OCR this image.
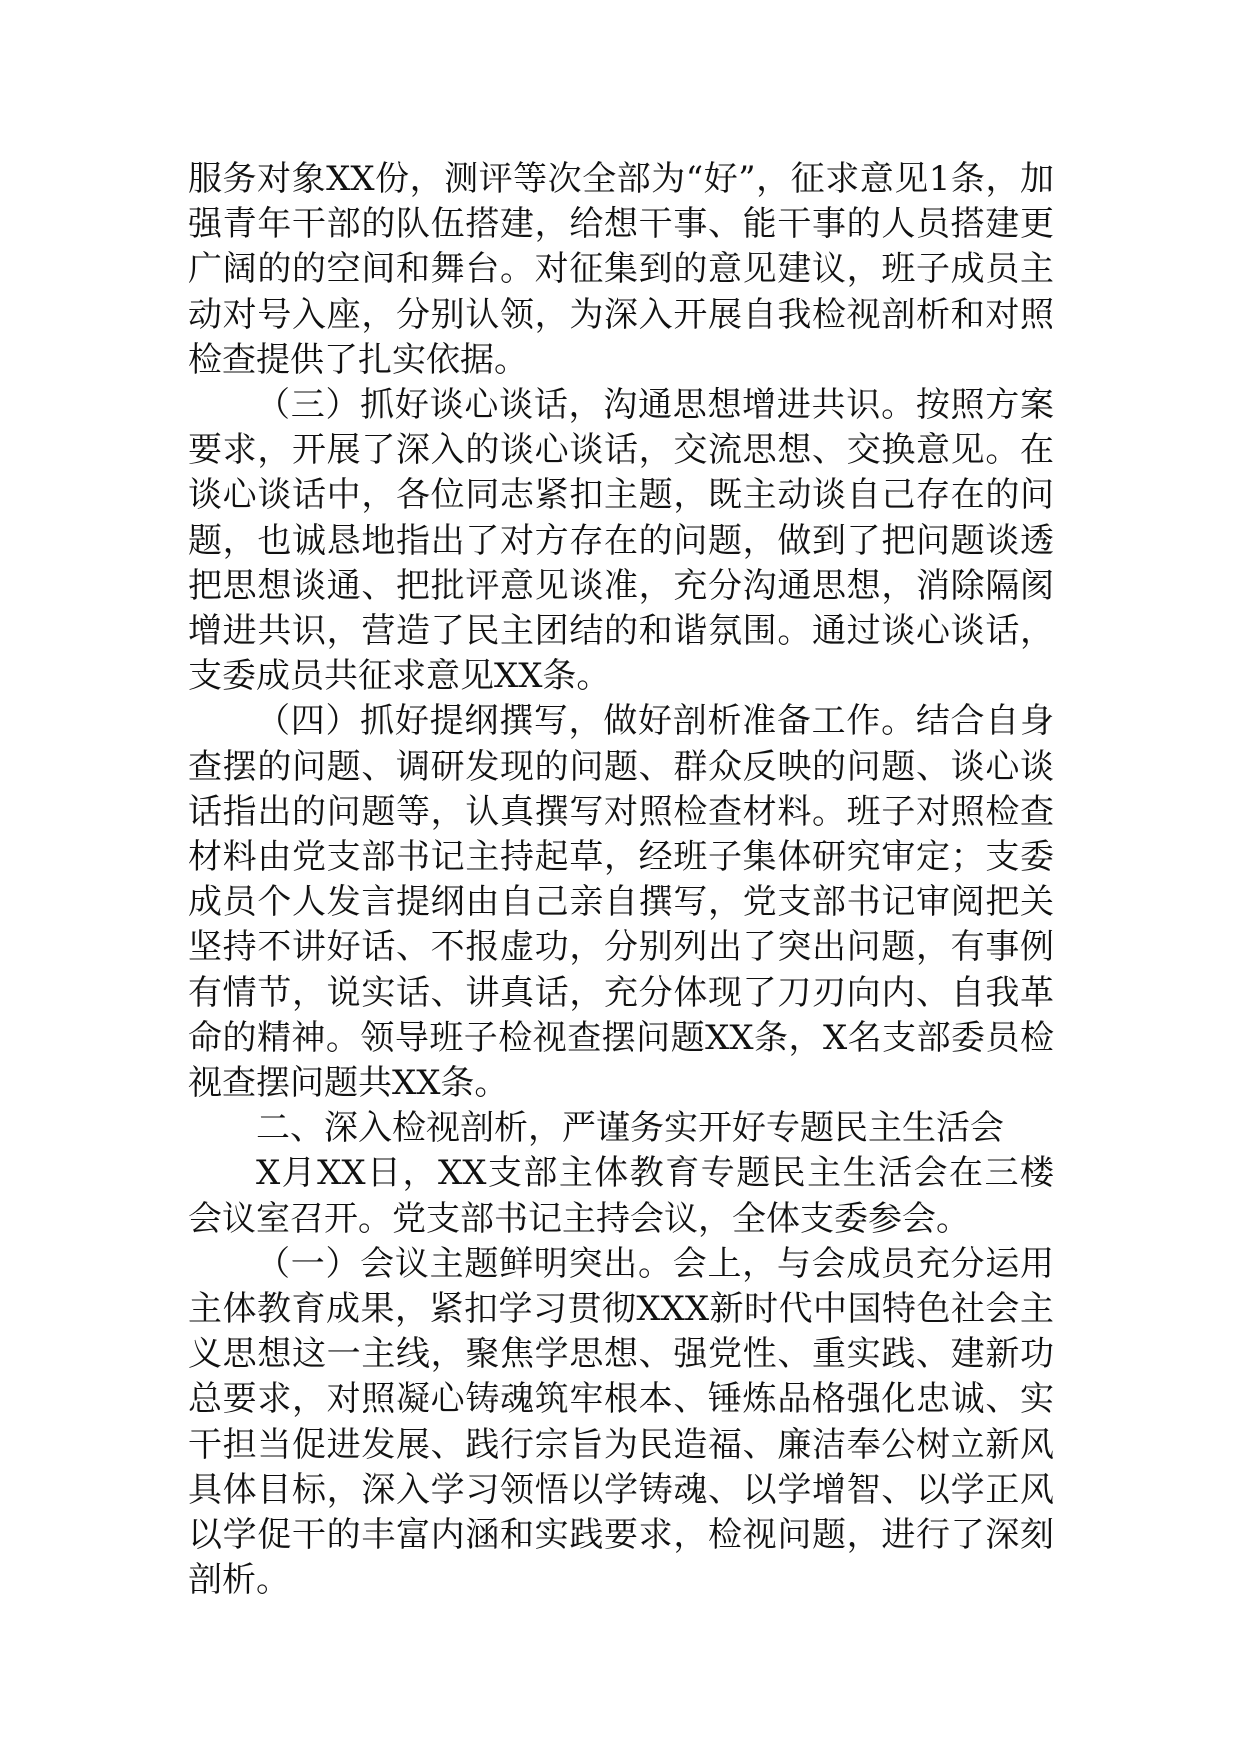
服务对象XX份，测评等次全部为“好”，征求意见1条，加强青年干部的队伍搭建，给想干事、能干事的人员搭建更广阔的的空间和舞台。对征集到的意见建议，班子成员主动对号入座，分别认领，为深入开展自我检视剖析和对照检查提供了扎实依据。

（三）抓好谈心谈话，沟通思想增进共识。按照方案要求，开展了深入的谈心谈话，交流思想、交换意见。在谈心谈话中，各位同志紧扣主题，既主动谈自己存在的问题，也诚恳地指出了对方存在的问题，做到了把问题谈透把思想谈通、把批评意见谈准，充分沟通思想，消除隔阂增进共识，营造了民主团结的和谐氛围。通过谈心谈话，支委成员共征求意见XX条。

（四）抓好提纲撰写，做好剖析准备工作。结合自身查摆的问题、调研发现的问题、群众反映的问题、谈心谈话指出的问题等，认真撰写对照检查材料。班子对照检查材料由党支部书记主持起草，经班子集体研究审定；支委成员个人发言提纲由自己亲自撰写，党支部书记审阅把关坚持不讲好话、不报虚功，分别列出了突出问题，有事例有情节，说实话、讲真话，充分体现了刀刃向内、自我革命的精神。领导班子检视查摆问题XX条，X名支部委员检视查摆问题共XX条。

二、深入检视剖析，严谨务实开好专题民主生活会

X月XX日，XX支部主体教育专题民主生活会在三楼会议室召开。党支部书记主持会议，全体支委参会。

（一）会议主题鲜明突出。会上，与会成员充分运用主体教育成果，紧扣学习贯彻XXX新时代中国特色社会主义思想这一主线，聚焦学思想、强党性、重实践、建新功总要求，对照凝心铸魂筑牢根本、锤炼品格强化忠诚、实干担当促进发展、践行宗旨为民造福、廉洁奉公树立新风具体目标，深入学习领悟以学铸魂、以学增智、以学正风以学促干的丰富内涵和实践要求，检视问题，进行了深刻剖析。
